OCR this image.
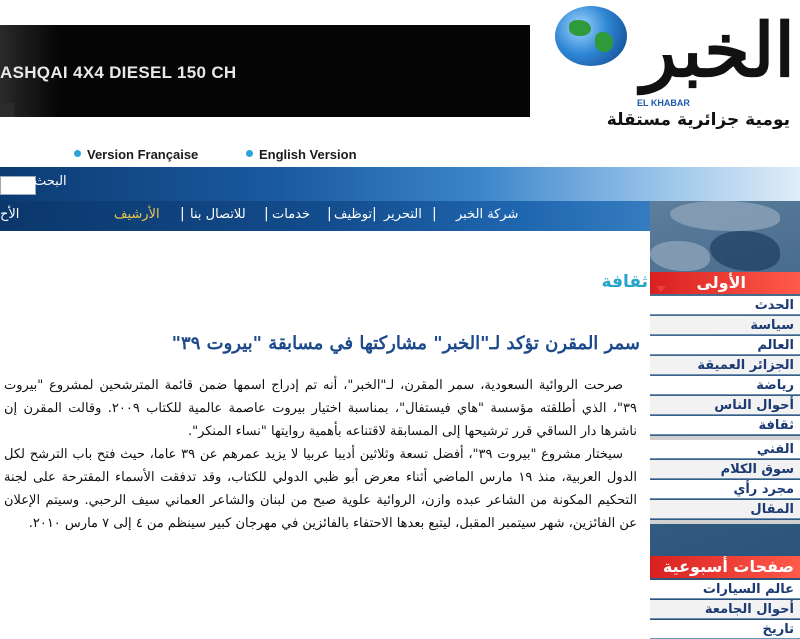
ASHQAI 4X4 DIESEL 150 CH	الخبر
EL KHABAR
يومية جزائرية مستقلة
Version Française	English Version
البحث
الأح	شركة الخبر
|
التحرير
|
توظيف
|
خدمات
|
للاتصال بنا
|
الأرشيف
ثقافة	الأولى
الحدث
سياسة
العالم
الجزائر العميقة
رياضة
أحوال الناس
ثقافة
الفني
سوق الكلام
مجرد رأي
المقال
صفحات أسبوعية
عالم السيارات
أحوال الجامعة
تاريخ
سمر المقرن تؤكد لـ"الخبر" مشاركتها في مسابقة "بيروت ٣٩"

صرحت الروائية السعودية، سمر المقرن، لـ"الخبر"، أنه تم إدراج اسمها ضمن قائمة المترشحين لمشروع "بيروت ٣٩"، الذي أطلقته مؤسسة "هاي فيستفال"، بمناسبة اختيار بيروت عاصمة عالمية للكتاب ٢٠٠٩. وقالت المقرن إن ناشرها دار الساقي قرر ترشيحها إلى المسابقة لاقتناعه بأهمية روايتها "نساء المنكر".

سيختار مشروع "بيروت ٣٩"، أفضل تسعة وثلاثين أديبا عربيا لا يزيد عمرهم عن ٣٩ عاما، حيث فتح باب الترشح لكل الدول العربية، منذ ١٩ مارس الماضي أثناء معرض أبو ظبي الدولي للكتاب، وقد تدفقت الأسماء المقترحة على لجنة التحكيم المكونة من الشاعر عبده وازن، الروائية علوية صبح من لبنان والشاعر العماني سيف الرحبي. وسيتم الإعلان عن الفائزين، شهر سيتمبر المقبل، ليتبع بعدها الاحتفاء بالفائزين في مهرجان كبير سينظم من ٤ إلى ٧ مارس ٢٠١٠.
